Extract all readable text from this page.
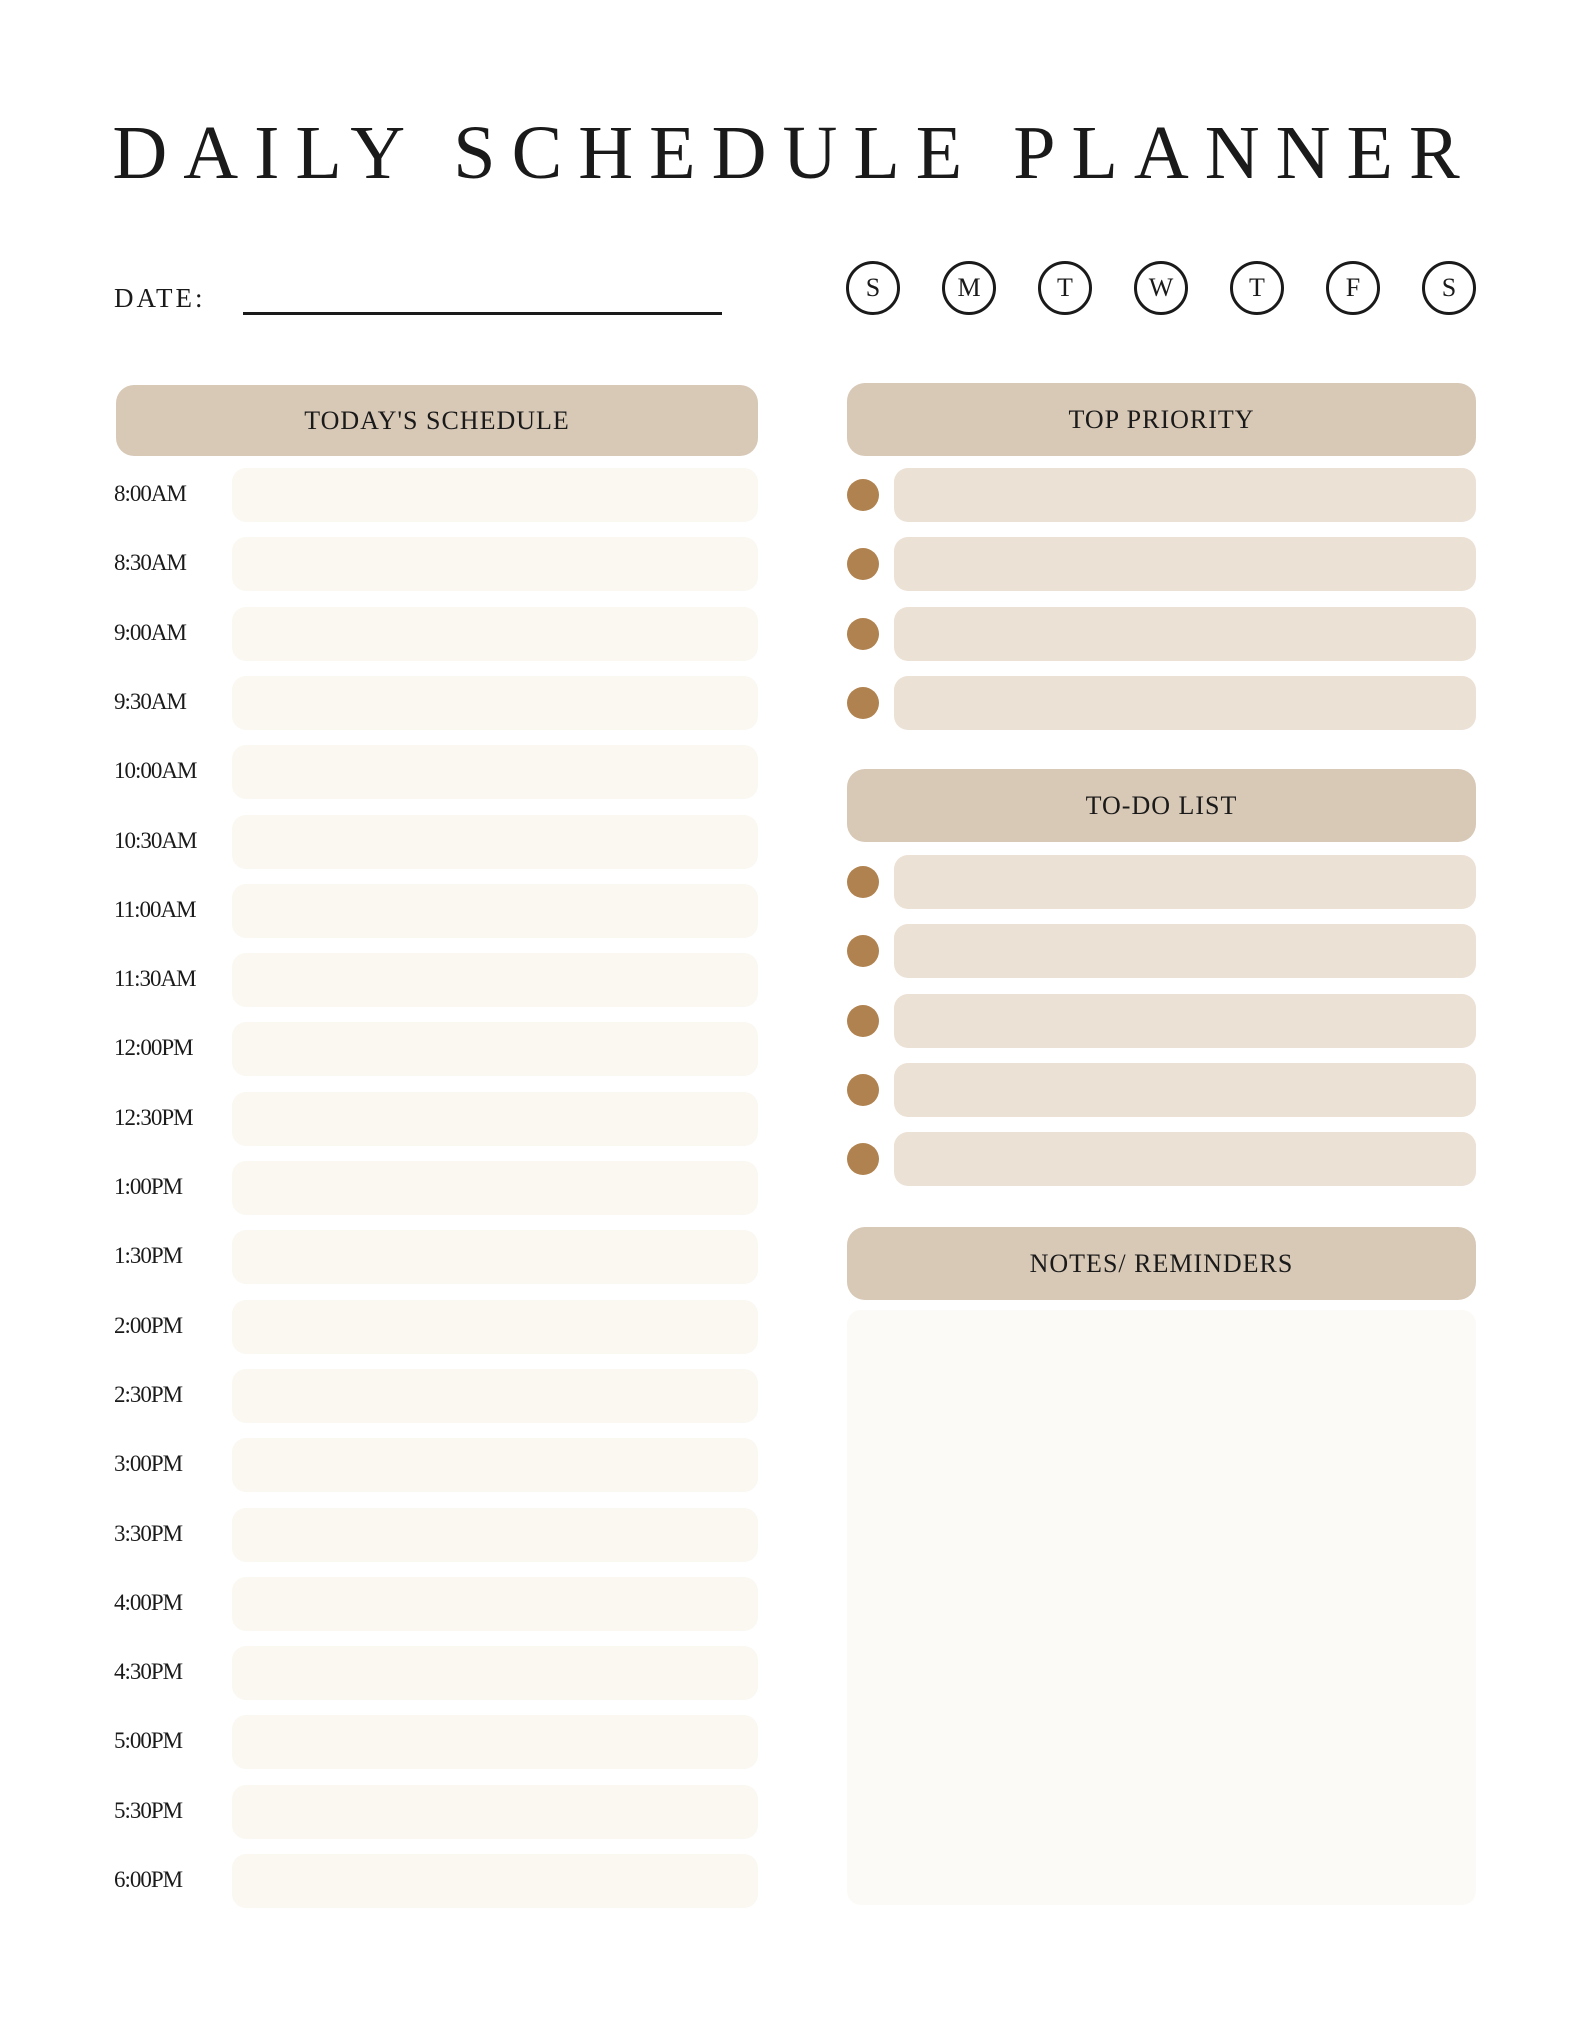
DAILY SCHEDULE PLANNER
DATE:	S	M	T	W	T	F	S
TODAY'S SCHEDULE
8:00AM
8:30AM
9:00AM
9:30AM
10:00AM
10:30AM
11:00AM
11:30AM
12:00PM
12:30PM
1:00PM
1:30PM
2:00PM
2:30PM
3:00PM
3:30PM
4:00PM
4:30PM
5:00PM
5:30PM
6:00PM
TOP PRIORITY
TO-DO LIST
NOTES/ REMINDERS
